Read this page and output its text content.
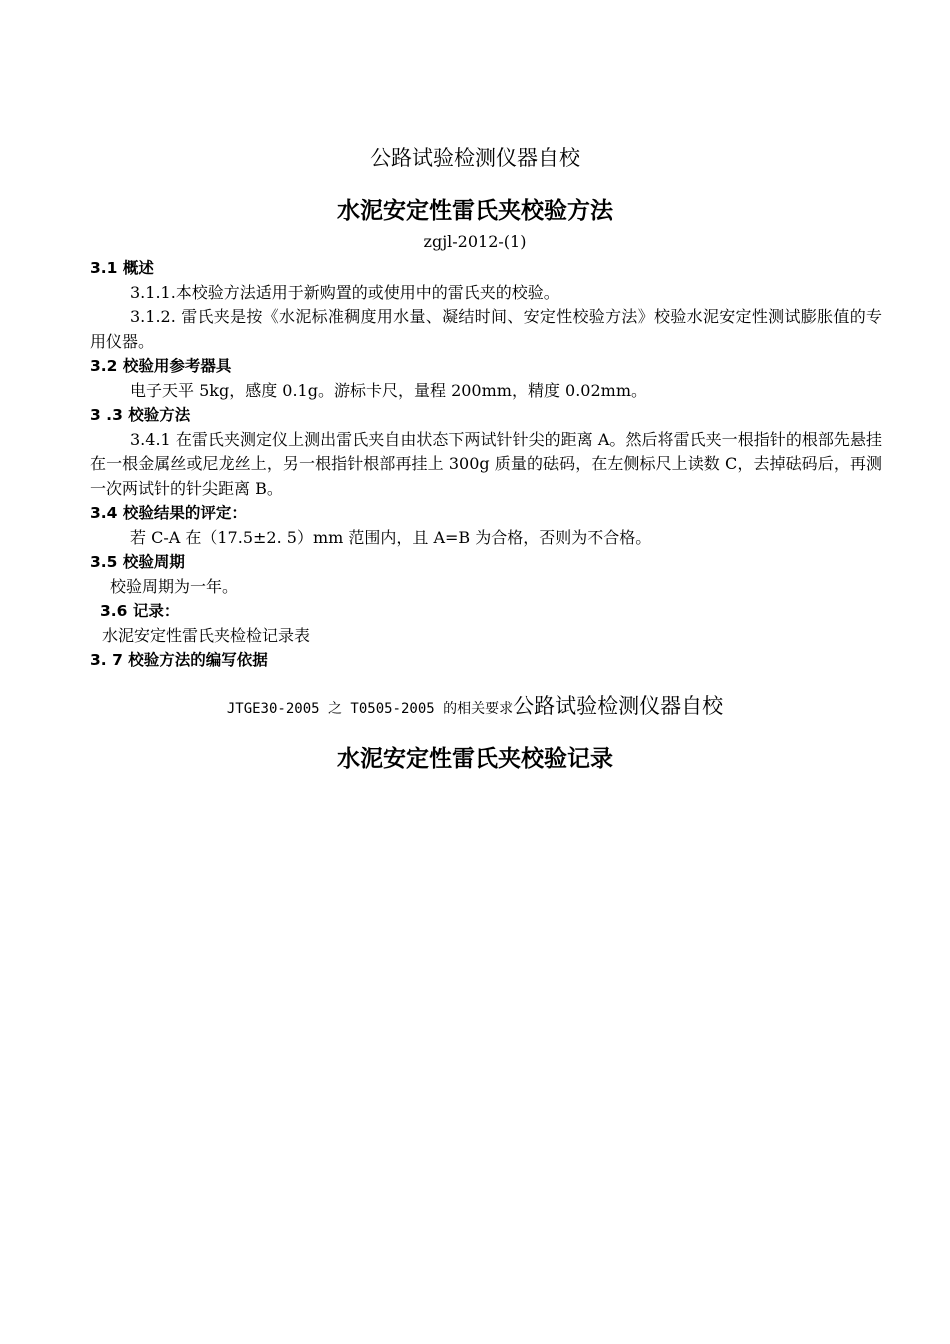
公路试验检测仪器自校
水泥安定性雷氏夹校验方法
zgjl-2012-(1)

3.1 概述

3.1.1.本校验方法适用于新购置的或使用中的雷氏夹的校验。

3.1.2. 雷氏夹是按《水泥标准稠度用水量、凝结时间、安定性校验方法》校验水泥安定性测试膨胀值的专用仪器。

3.2 校验用参考器具

电子天平 5kg，感度 0.1g。游标卡尺，量程 200mm，精度 0.02mm。

3 .3 校验方法

3.4.1 在雷氏夹测定仪上测出雷氏夹自由状态下两试针针尖的距离 A。然后将雷氏夹一根指针的根部先悬挂在一根金属丝或尼龙丝上，另一根指针根部再挂上 300g 质量的砝码，在左侧标尺上读数 C，去掉砝码后，再测一次两试针的针尖距离 B。

3.4 校验结果的评定：

若 C-A 在（17.5±2. 5）mm 范围内，且 A=B 为合格，否则为不合格。

3.5 校验周期

校验周期为一年。

3.6 记录：

水泥安定性雷氏夹检检记录表

3. 7 校验方法的编写依据

JTGE30-2005 之 T0505-2005 的相关要求公路试验检测仪器自校
水泥安定性雷氏夹校验记录
